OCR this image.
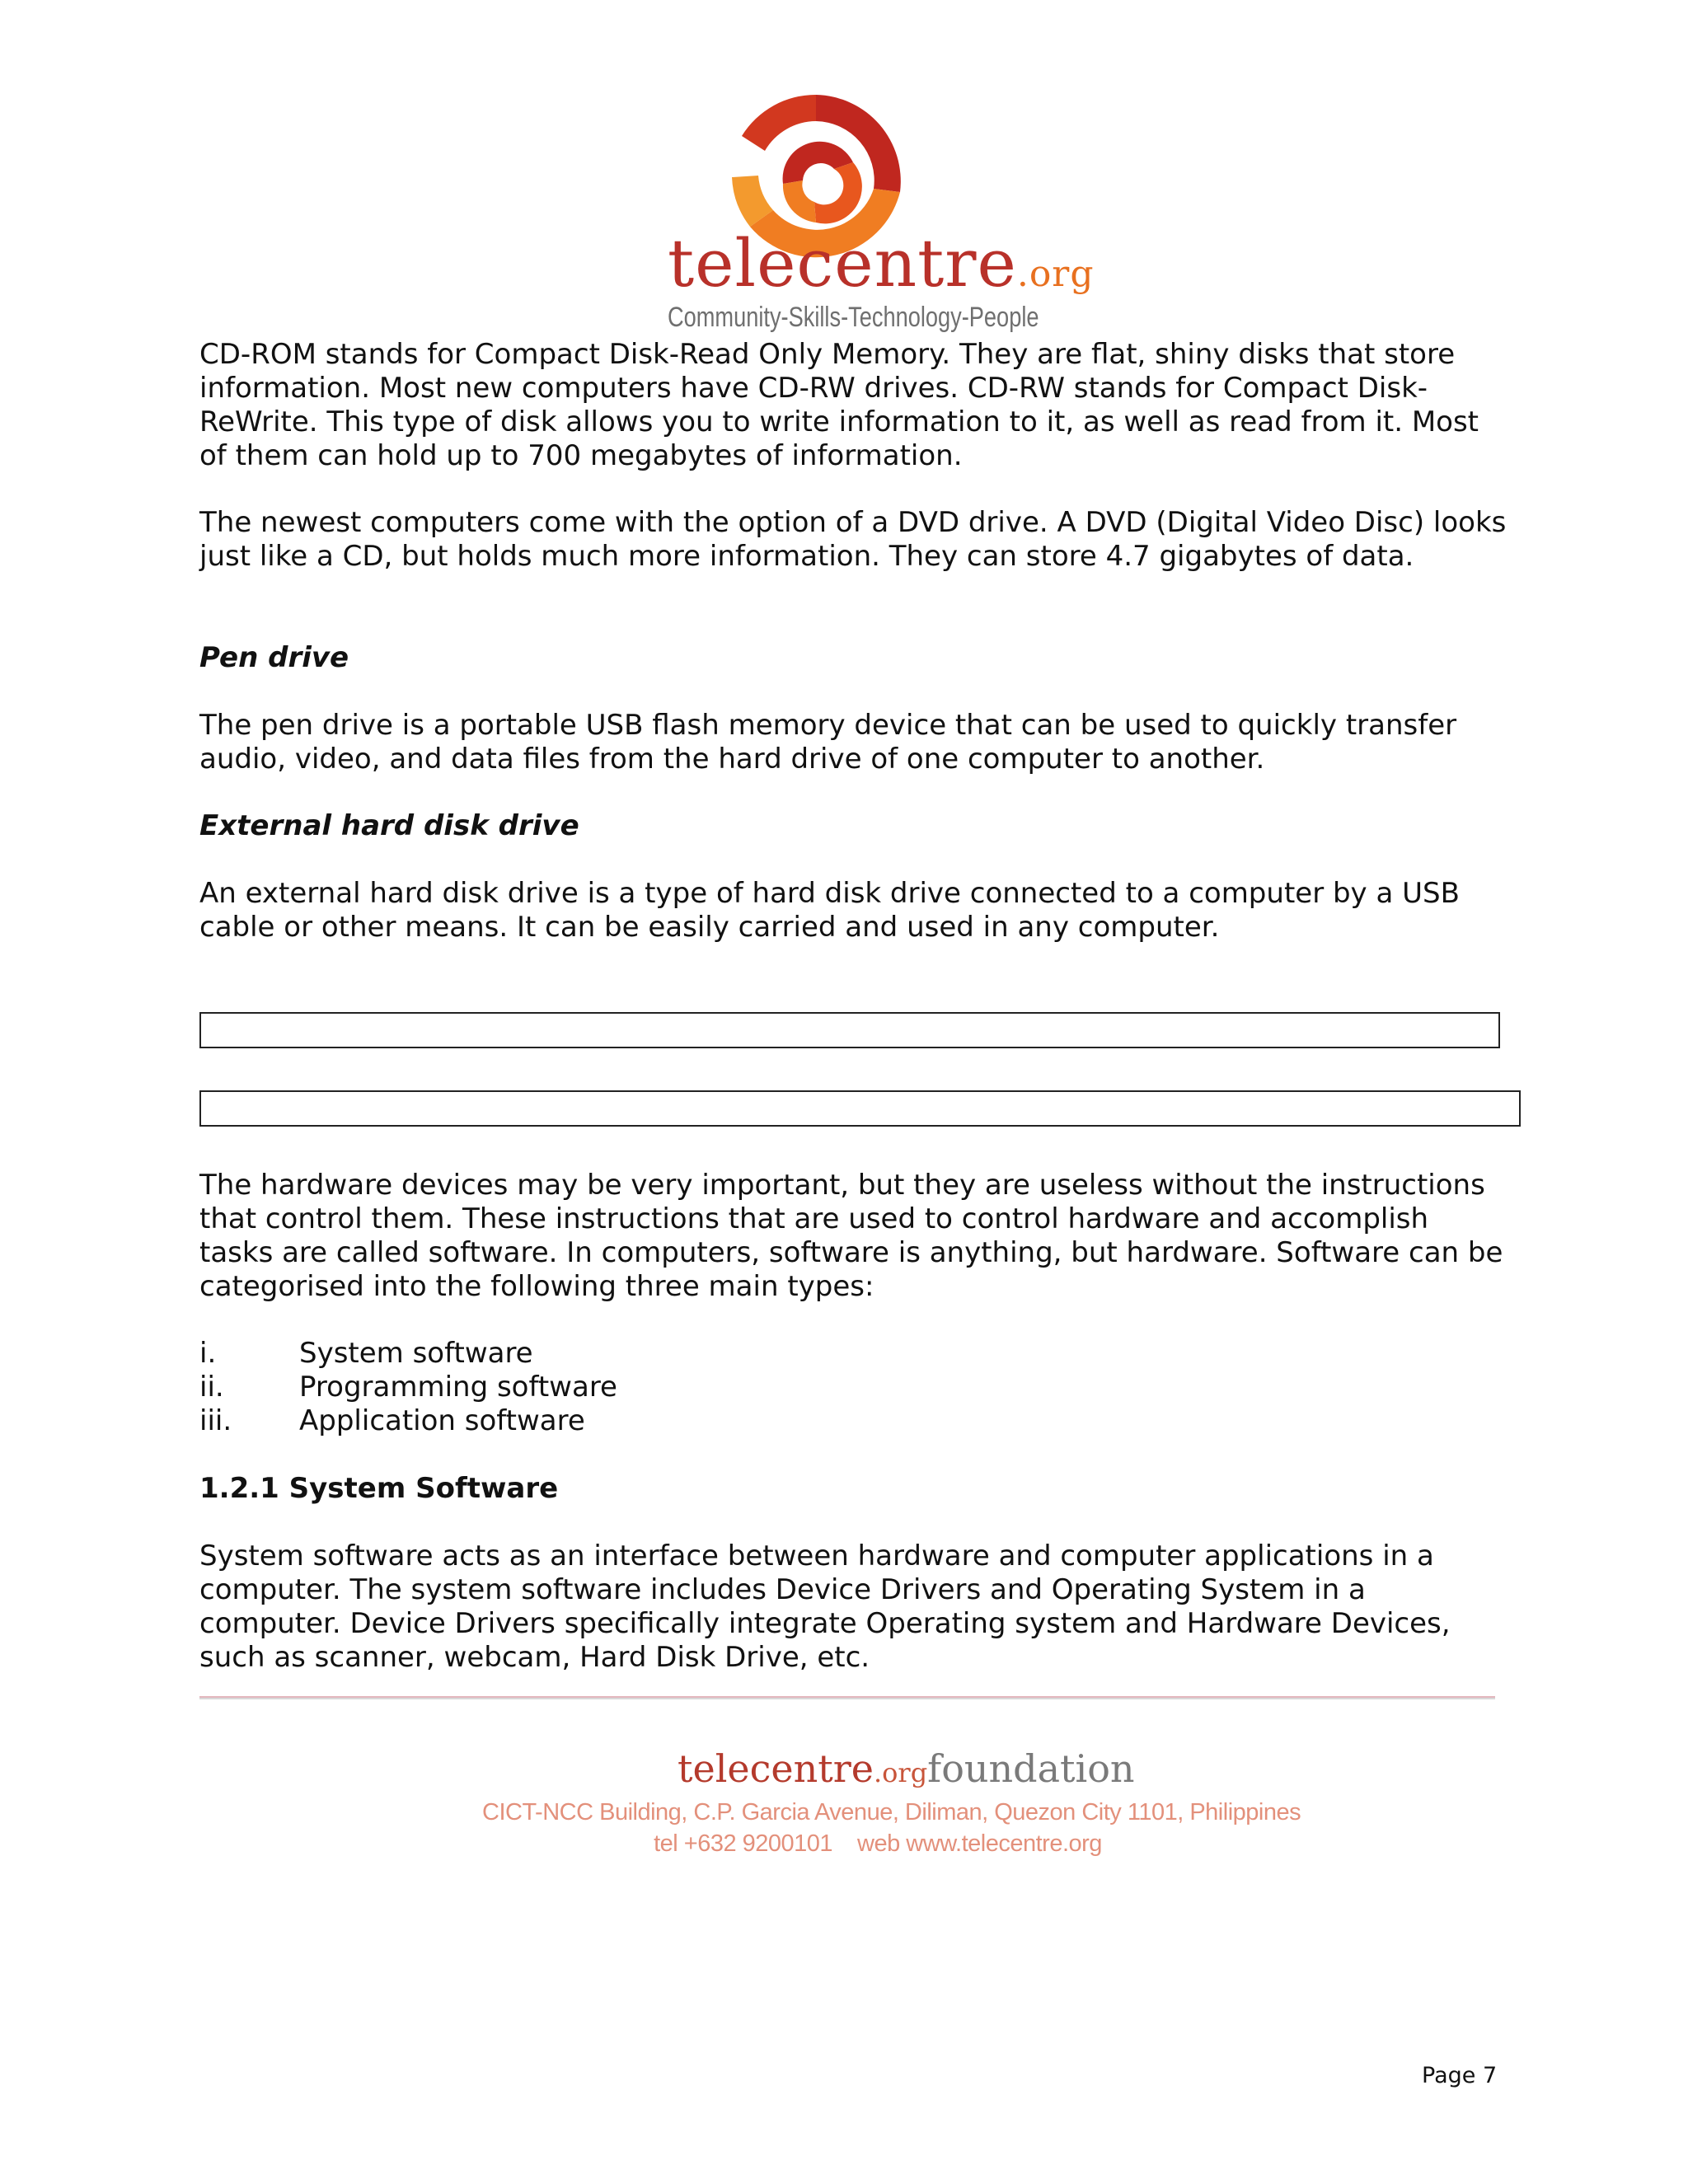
telecentre.org
Community-Skills-Technology-People

CD-ROM stands for Compact Disk-Read Only Memory. They are flat, shiny disks that store information. Most new computers have CD-RW drives. CD-RW stands for Compact Disk-ReWrite. This type of disk allows you to write information to it, as well as read from it. Most of them can hold up to 700 megabytes of information.

The newest computers come with the option of a DVD drive. A DVD (Digital Video Disc) looks just like a CD, but holds much more information. They can store 4.7 gigabytes of data.

Pen drive

The pen drive is a portable USB flash memory device that can be used to quickly transfer audio, video, and data files from the hard drive of one computer to another.

External hard disk drive

An external hard disk drive is a type of hard disk drive connected to a computer by a USB cable or other means. It can be easily carried and used in any computer.

The hardware devices may be very important, but they are useless without the instructions that control them. These instructions that are used to control hardware and accomplish tasks are called software. In computers, software is anything, but hardware. Software can be categorised into the following three main types:

i.	System software
ii.	Programming software
iii.	Application software

1.2.1 System Software

System software acts as an interface between hardware and computer applications in a computer. The system software includes Device Drivers and Operating System in a computer. Device Drivers specifically integrate Operating system and Hardware Devices, such as scanner, webcam, Hard Disk Drive, etc.

telecentre.orgfoundation
CICT-NCC Building, C.P. Garcia Avenue, Diliman, Quezon City 1101, Philippines
tel +632 9200101 web www.telecentre.org
Page 7
